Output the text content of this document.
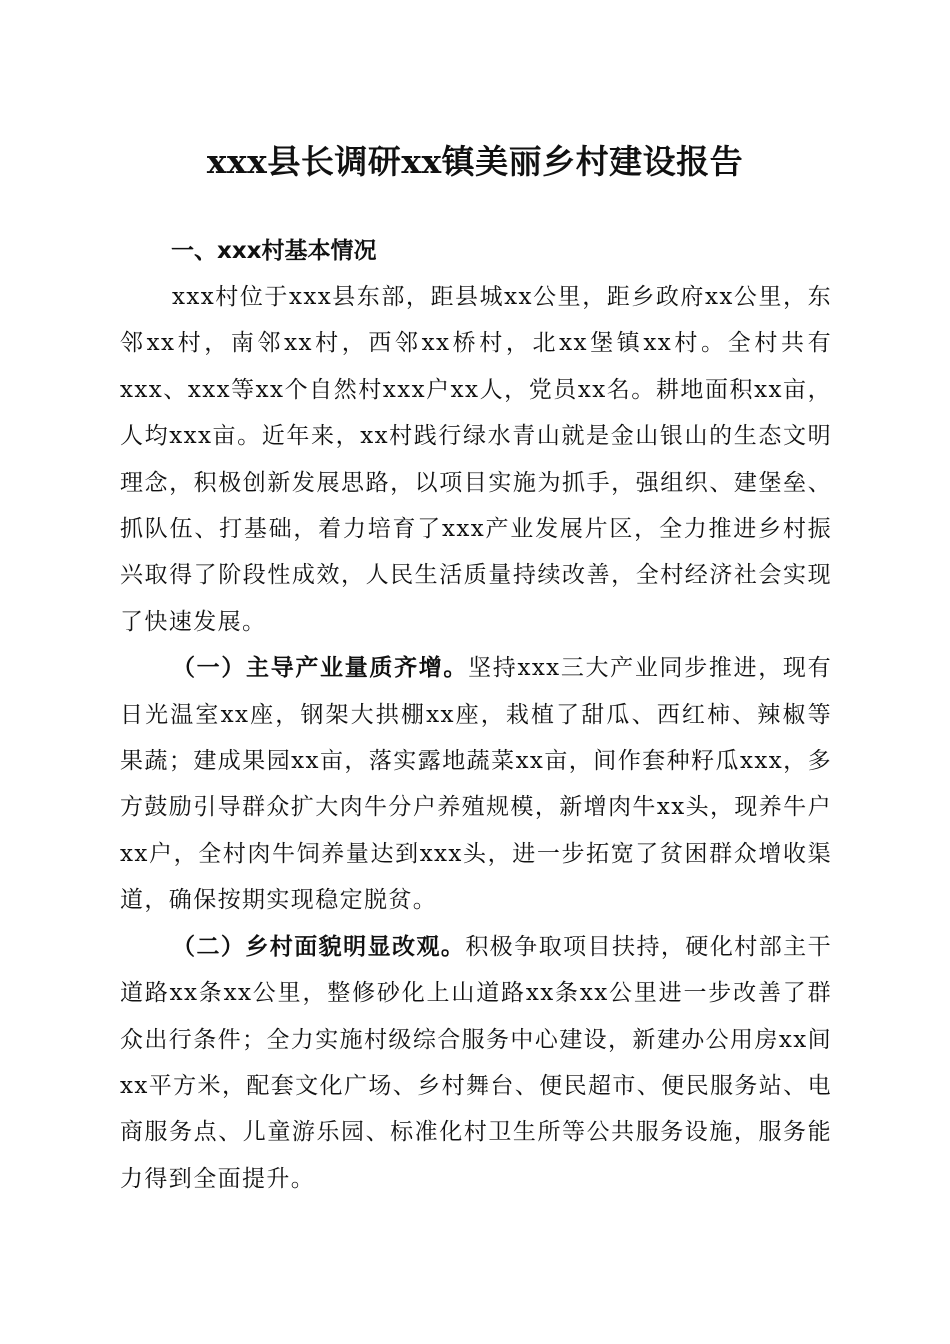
xxx县长调研xx镇美丽乡村建设报告
一、xxx村基本情况

xxx村位于xxx县东部，距县城xx公里，距乡政府xx公里，东邻xx村，南邻xx村，西邻xx桥村，北xx堡镇xx村。全村共有xxx、xxx等xx个自然村xxx户xx人，党员xx名。耕地面积xx亩，人均xxx亩。近年来，xx村践行绿水青山就是金山银山的生态文明理念，积极创新发展思路，以项目实施为抓手，强组织、建堡垒、抓队伍、打基础，着力培育了xxx产业发展片区，全力推进乡村振兴取得了阶段性成效，人民生活质量持续改善，全村经济社会实现了快速发展。

（一）主导产业量质齐增。坚持xxx三大产业同步推进，现有日光温室xx座，钢架大拱棚xx座，栽植了甜瓜、西红柿、辣椒等果蔬；建成果园xx亩，落实露地蔬菜xx亩，间作套种籽瓜xxx，多方鼓励引导群众扩大肉牛分户养殖规模，新增肉牛xx头，现养牛户xx户，全村肉牛饲养量达到xxx头，进一步拓宽了贫困群众增收渠道，确保按期实现稳定脱贫。

（二）乡村面貌明显改观。积极争取项目扶持，硬化村部主干道路xx条xx公里，整修砂化上山道路xx条xx公里进一步改善了群众出行条件；全力实施村级综合服务中心建设，新建办公用房xx间xx平方米，配套文化广场、乡村舞台、便民超市、便民服务站、电商服务点、儿童游乐园、标准化村卫生所等公共服务设施，服务能力得到全面提升。
